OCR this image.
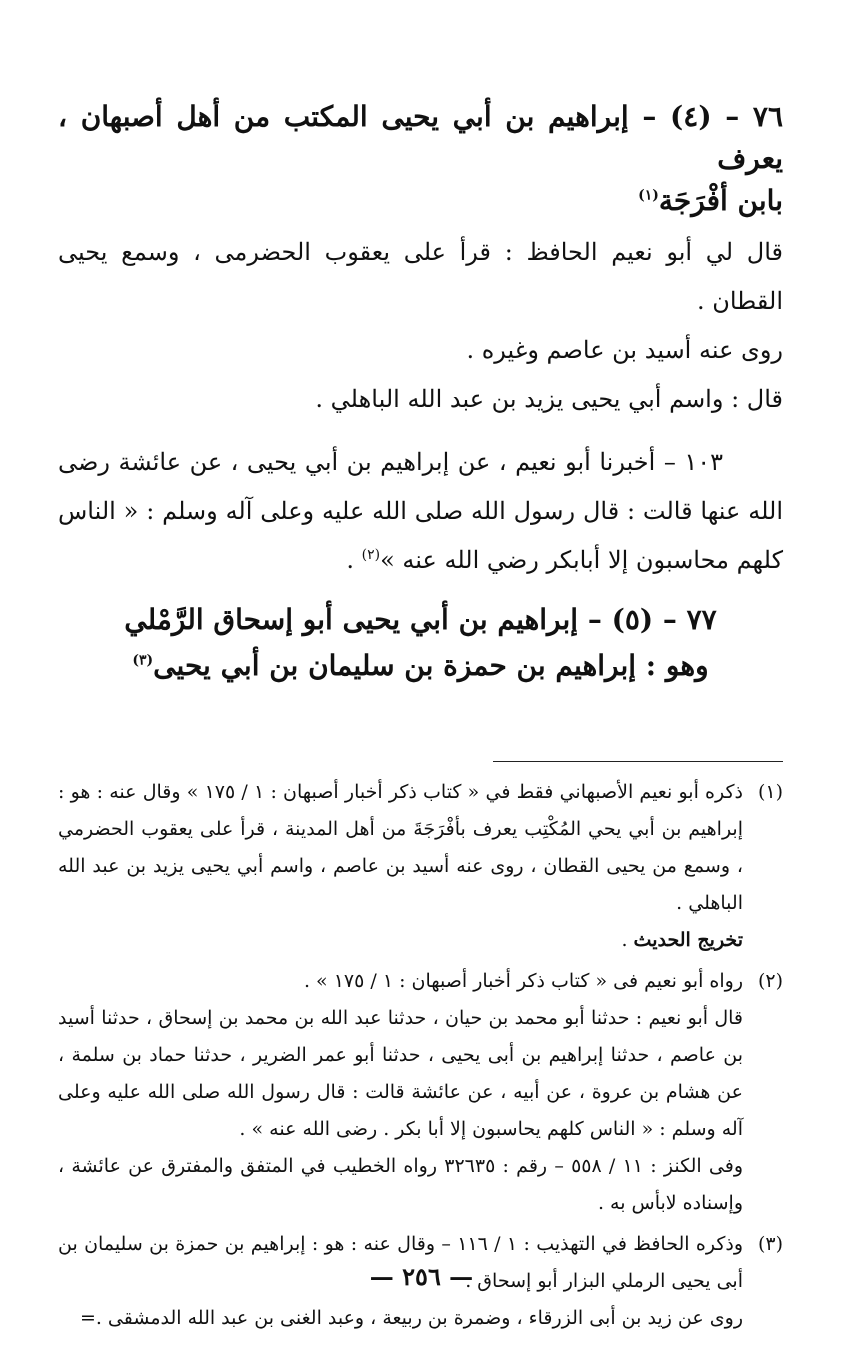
٧٦ – (٤) – إبراهيم بن أبي يحيى المكتب من أهل أصبهان ، يعرف
بابن أفْرَجَة$^{(١)}$

قال لي أبو نعيم الحافظ : قرأ على يعقوب الحضرمى ، وسمع يحيى القطان .

روى عنه أسيد بن عاصم وغيره .

قال : واسم أبي يحيى يزيد بن عبد الله الباهلي .

١٠٣ – أخبرنا أبو نعيم ، عن إبراهيم بن أبي يحيى ، عن عائشة رضى الله عنها قالت : قال رسول الله صلى الله عليه وعلى آله وسلم : « الناس كلهم محاسبون إلا أبابكر رضي الله عنه »$^{(٢)}$ .

٧٧ – (٥) – إبراهيم بن أبي يحيى أبو إسحاق الرَّمْلي
وهو : إبراهيم بن حمزة بن سليمان بن أبي يحيى$^{(٣)}$
(١)

ذكره أبو نعيم الأصبهاني فقط في « كتاب ذكر أخبار أصبهان : ١ / ١٧٥ » وقال عنه : هو : إبراهيم بن أبي يحي المُكْتِب يعرف بأفْرَجَةَ من أهل المدينة ، قرأ على يعقوب الحضرمي ، وسمع من يحيى القطان ، روى عنه أسيد بن عاصم ، واسم أبي يحيى يزيد بن عبد الله الباهلي .

تخريج الحديث .

(٢)

رواه أبو نعيم فى « كتاب ذكر أخبار أصبهان : ١ / ١٧٥ » .

قال أبو نعيم : حدثنا أبو محمد بن حيان ، حدثنا عبد الله بن محمد بن إسحاق ، حدثنا أسيد بن عاصم ، حدثنا إبراهيم بن أبى يحيى ، حدثنا أبو عمر الضرير ، حدثنا حماد بن سلمة ، عن هشام بن عروة ، عن أبيه ، عن عائشة قالت : قال رسول الله صلى الله عليه وعلى آله وسلم : « الناس كلهم يحاسبون إلا أبا بكر . رضى الله عنه » .

وفى الكنز : ١١ / ٥٥٨ – رقم : ٣٢٦٣٥ رواه الخطيب في المتفق والمفترق عن عائشة ، وإسناده لابأس به .

(٣)

وذكره الحافظ في التهذيب : ١ / ١١٦ – وقال عنه : هو : إبراهيم بن حمزة بن سليمان بن أبى يحيى الرملي البزار أبو إسحاق .

روى عن زيد بن أبى الزرقاء ، وضمرة بن ربيعة ، وعبد الغنى بن عبد الله الدمشقى .=

— ٢٥٦ —
